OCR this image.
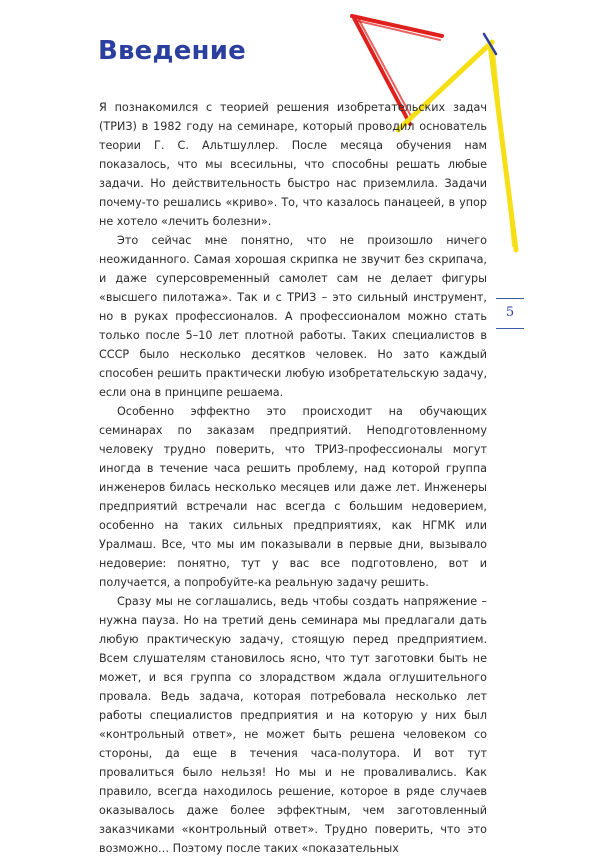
Введение

Я познакомился с теорией решения изобретательских задач (ТРИЗ) в 1982 году на семинаре, который проводил основатель теории Г. С. Альтшуллер. После месяца обучения нам показалось, что мы всесильны, что способны решать любые задачи. Но действительность быстро нас приземлила. Задачи почему-то решались «криво». То, что казалось панацеей, в упор не хотело «лечить болезни».

Это сейчас мне понятно, что не произошло ничего неожиданного. Самая хорошая скрипка не звучит без скрипача, и даже суперсовременный самолет сам не делает фигуры «высшего пилотажа». Так и с ТРИЗ – это сильный инструмент, но в руках профессионалов. А профессионалом можно стать только после 5–10 лет плотной работы. Таких специалистов в СССР было несколько десятков человек. Но зато каждый способен решить практически любую изобретательскую задачу, если она в принципе решаема.

Особенно эффектно это происходит на обучающих семинарах по заказам предприятий. Неподготовленному человеку трудно поверить, что ТРИЗ-профессионалы могут иногда в течение часа решить проблему, над которой группа инженеров билась несколько месяцев или даже лет. Инженеры предприятий встречали нас всегда с большим недоверием, особенно на таких сильных предприятиях, как НГМК или Уралмаш. Все, что мы им показывали в первые дни, вызывало недоверие: понятно, тут у вас все подготовлено, вот и получается, а попробуйте-ка реальную задачу решить.

Сразу мы не соглашались, ведь чтобы создать напряжение – нужна пауза. Но на третий день семинара мы предлагали дать любую практическую задачу, стоящую перед предприятием. Всем слушателям становилось ясно, что тут заготовки быть не может, и вся группа со злорадством ждала оглушительного провала. Ведь задача, которая потребовала несколько лет работы специалистов предприятия и на которую у них был «контрольный ответ», не может быть решена человеком со стороны, да еще в течения часа-полутора. И вот тут провалиться было нельзя! Но мы и не проваливались. Как правило, всегда находилось решение, которое в ряде случаев оказывалось даже более эффектным, чем заготовленный заказчиками «контрольный ответ». Трудно поверить, что это возможно… Поэтому после таких «показательных

5
